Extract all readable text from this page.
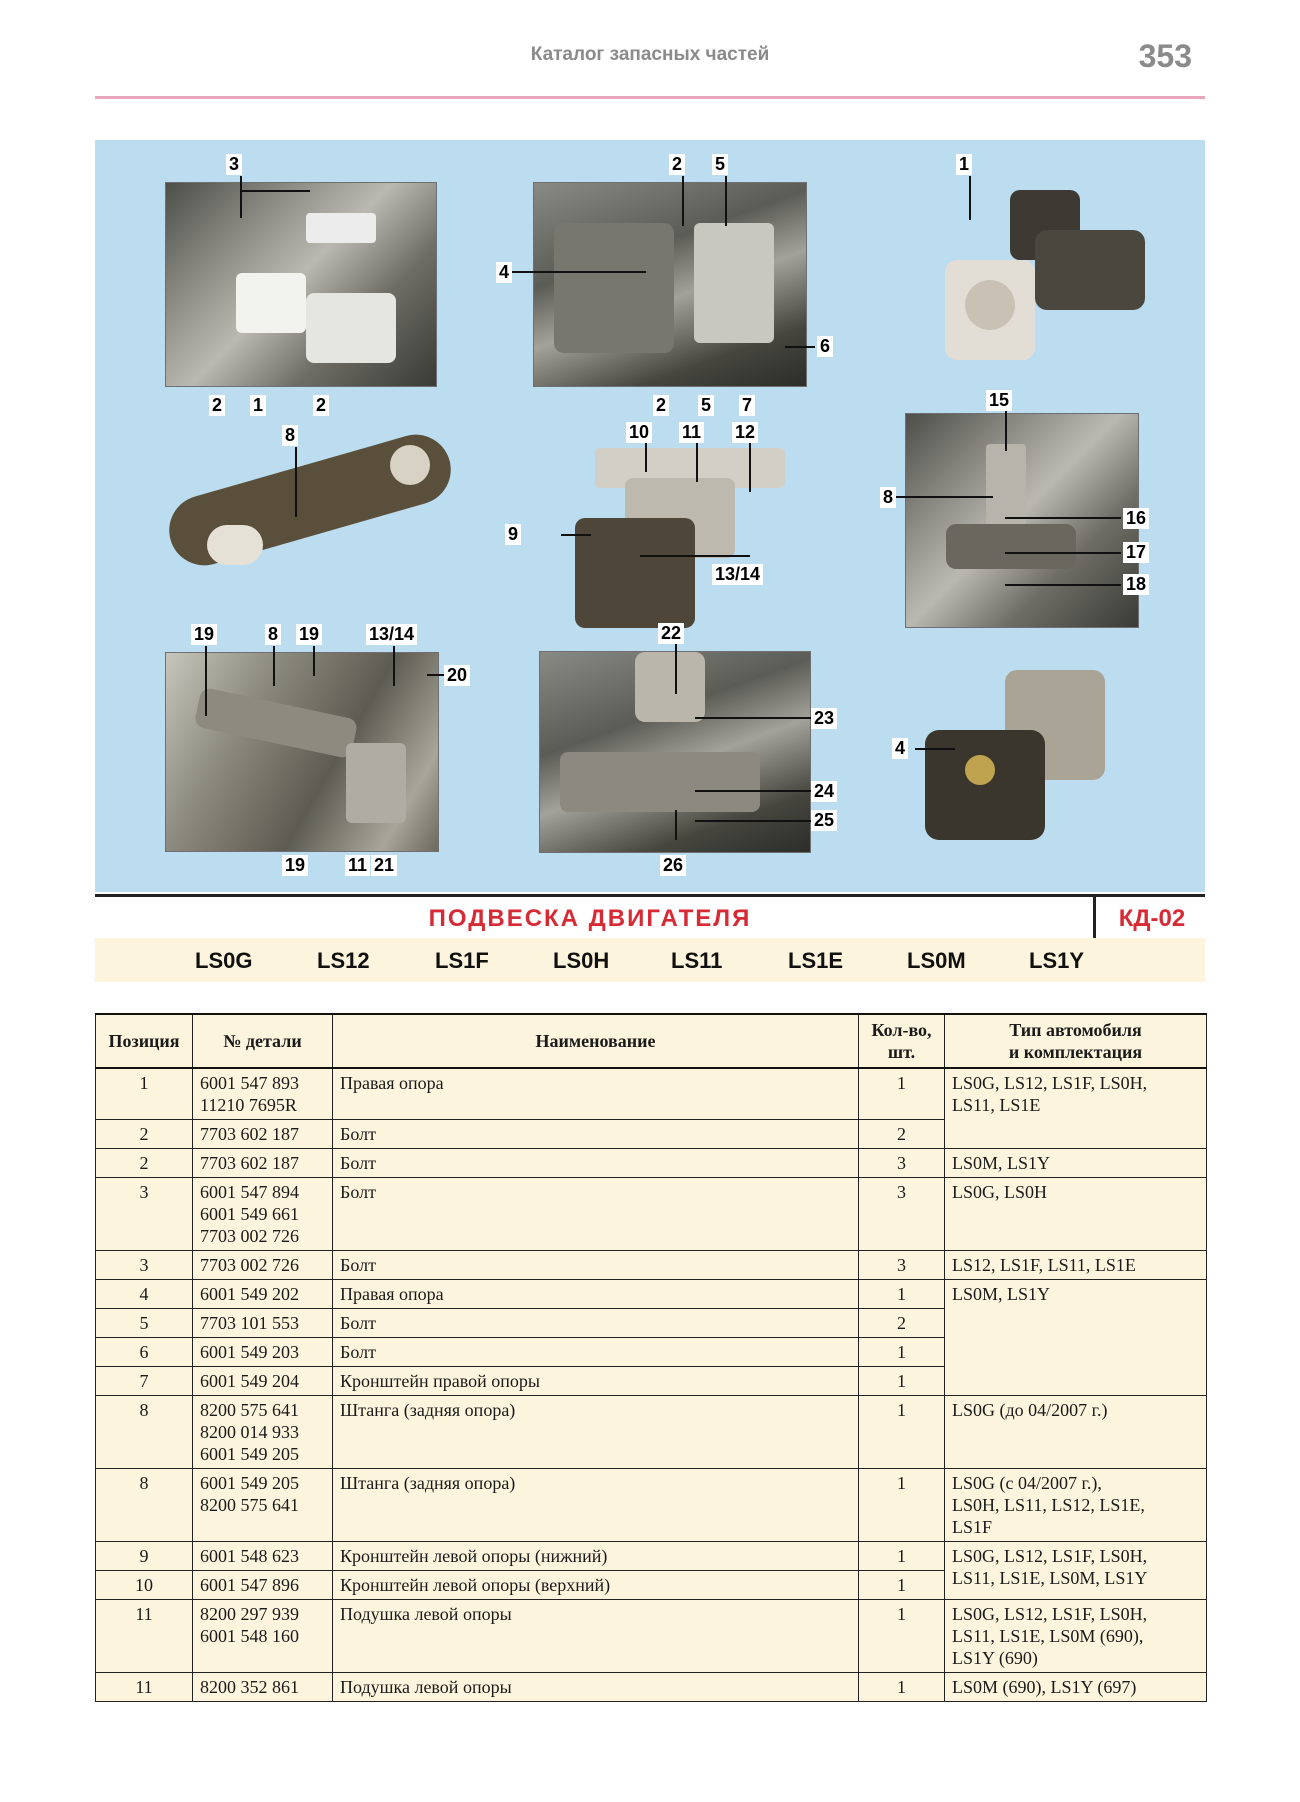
Каталог запасных частей	353
3
2 1	2
2 5
4
6
2 5 7
1
8	10 11 12
9
13/14
15
8
16
17
18
19	8 19	13/14
20
19 11 21
22
23
24
25
26
4
ПОДВЕСКА ДВИГАТЕЛЯ	КД-02
LS0G	LS12	LS1F	LS0H	LS11	LS1E	LS0M	LS1Y
Позиция	№ детали	Наименование	Кол-во,
шт.	Тип автомобиля
и комплектация

1	6001 547 893
11210 7695R	Правая опора	1	LS0G, LS12, LS1F, LS0H,
LS11, LS1E

2	7703 602 187	Болт	2	
2	7703 602 187	Болт	3	LS0M, LS1Y

3	6001 547 894
6001 549 661
7703 002 726	Болт	3	LS0G, LS0H

3	7703 002 726	Болт	3	LS12, LS1F, LS11, LS1E

4	6001 549 202	Правая опора	1	LS0M, LS1Y

5	7703 101 553	Болт	2	
6	6001 549 203	Болт	1	
7	6001 549 204	Кронштейн правой опоры	1	
8	8200 575 641
8200 014 933
6001 549 205	Штанга (задняя опора)	1	LS0G (до 04/2007 г.)

8	6001 549 205
8200 575 641	Штанга (задняя опора)	1	LS0G (с 04/2007 г.),
LS0H, LS11, LS12, LS1E,
LS1F

9	6001 548 623	Кронштейн левой опоры (нижний)	1	LS0G, LS12, LS1F, LS0H,
LS11, LS1E, LS0M, LS1Y

10	6001 547 896	Кронштейн левой опоры (верхний)	1	
11	8200 297 939
6001 548 160	Подушка левой опоры	1	LS0G, LS12, LS1F, LS0H,
LS11, LS1E, LS0M (690),
LS1Y (690)

11	8200 352 861	Подушка левой опоры	1	LS0M (690), LS1Y (697)
